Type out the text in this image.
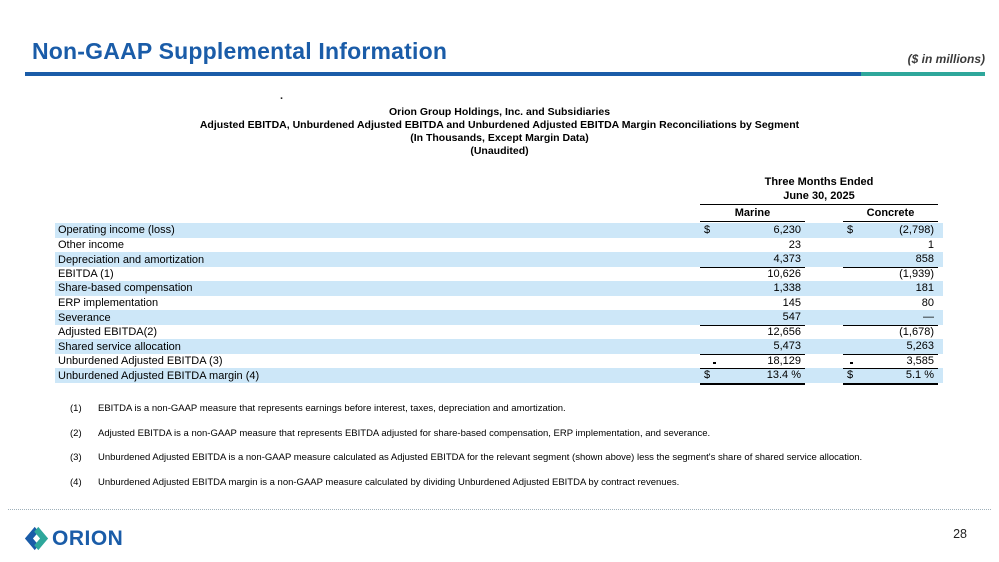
Non-GAAP Supplemental Information	($ in millions)
.
Orion Group Holdings, Inc. and Subsidiaries
Adjusted EBITDA, Unburdened Adjusted EBITDA and Unburdened Adjusted EBITDA Margin Reconciliations by Segment
(In Thousands, Except Margin Data)
(Unaudited)
Three Months Ended
June 30, 2025
Marine	Concrete
Operating income (loss)	$	6,230	$	(2,798)
Other income	23	1
Depreciation and amortization	4,373	858
EBITDA (1)	10,626	(1,939)
Share-based compensation	1,338	181
ERP implementation	145	80
Severance	547	—
Adjusted EBITDA(2)	12,656	(1,678)
Shared service allocation	5,473	5,263
Unburdened Adjusted EBITDA (3)	18,129	3,585
Unburdened Adjusted EBITDA margin (4)	$	13.4 %	$	5.1 %
(1)	EBITDA is a non-GAAP measure that represents earnings before interest, taxes, depreciation and amortization.
(2)	Adjusted EBITDA is a non-GAAP measure that represents EBITDA adjusted for share-based compensation, ERP implementation, and severance.
(3)	Unburdened Adjusted EBITDA is a non-GAAP measure calculated as Adjusted EBITDA for the relevant segment (shown above) less the segment's share of shared service allocation.
(4)	Unburdened Adjusted EBITDA margin is a non-GAAP measure calculated by dividing Unburdened Adjusted EBITDA by contract revenues.
ORION	28
